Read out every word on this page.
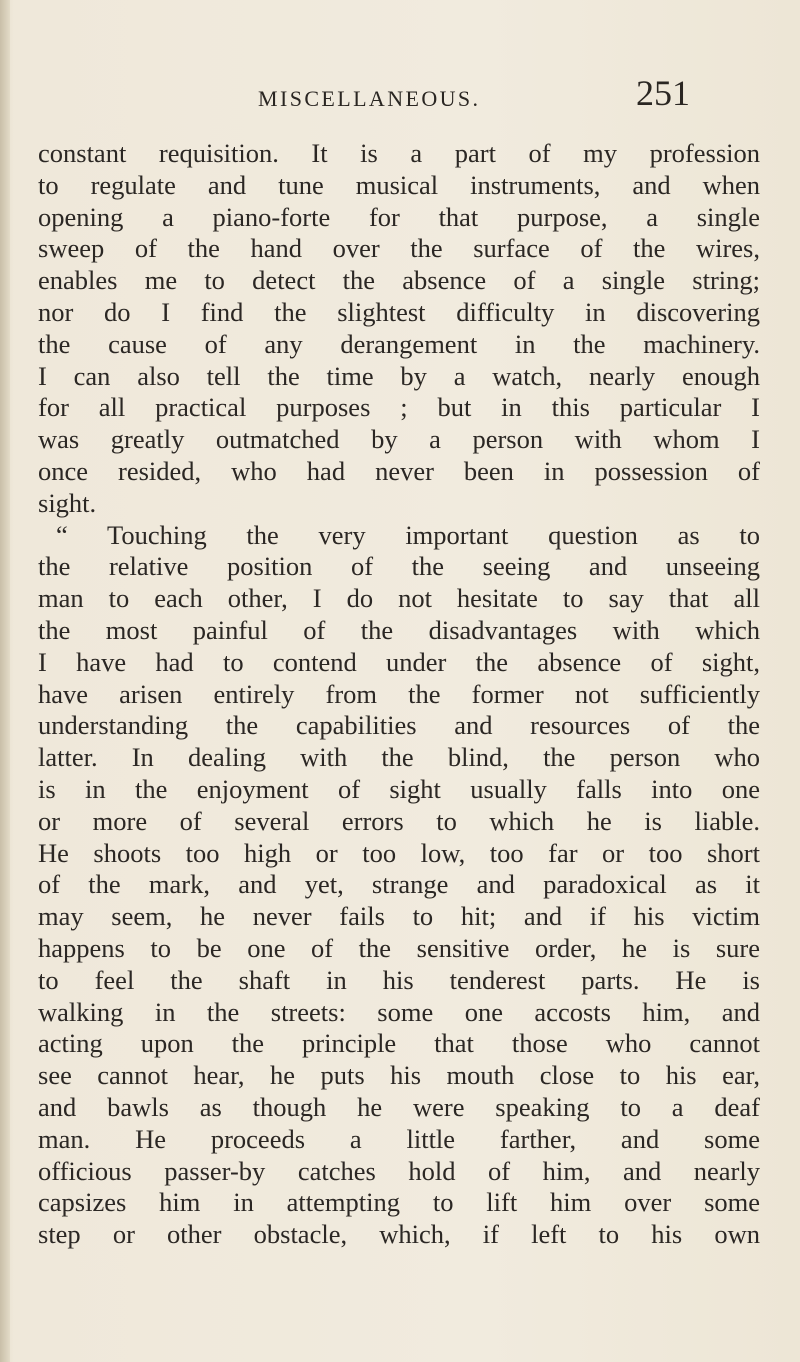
MISCELLANEOUS.	251
constant requisition. It is a part of my profession
to regulate and tune musical instruments, and when
opening a piano-forte for that purpose, a single
sweep of the hand over the surface of the wires,
enables me to detect the absence of a single string;
nor do I find the slightest difficulty in discovering
the cause of any derangement in the machinery.
I can also tell the time by a watch, nearly enough
for all practical purposes ; but in this particular I
was greatly outmatched by a person with whom I
once resided, who had never been in possession of
sight.
“ Touching the very important question as to
the relative position of the seeing and unseeing
man to each other, I do not hesitate to say that all
the most painful of the disadvantages with which
I have had to contend under the absence of sight,
have arisen entirely from the former not sufficiently
understanding the capabilities and resources of the
latter. In dealing with the blind, the person who
is in the enjoyment of sight usually falls into one
or more of several errors to which he is liable.
He shoots too high or too low, too far or too short
of the mark, and yet, strange and paradoxical as it
may seem, he never fails to hit; and if his victim
happens to be one of the sensitive order, he is sure
to feel the shaft in his tenderest parts. He is
walking in the streets: some one accosts him, and
acting upon the principle that those who cannot
see cannot hear, he puts his mouth close to his ear,
and bawls as though he were speaking to a deaf
man. He proceeds a little farther, and some
officious passer-by catches hold of him, and nearly
capsizes him in attempting to lift him over some
step or other obstacle, which, if left to his own
